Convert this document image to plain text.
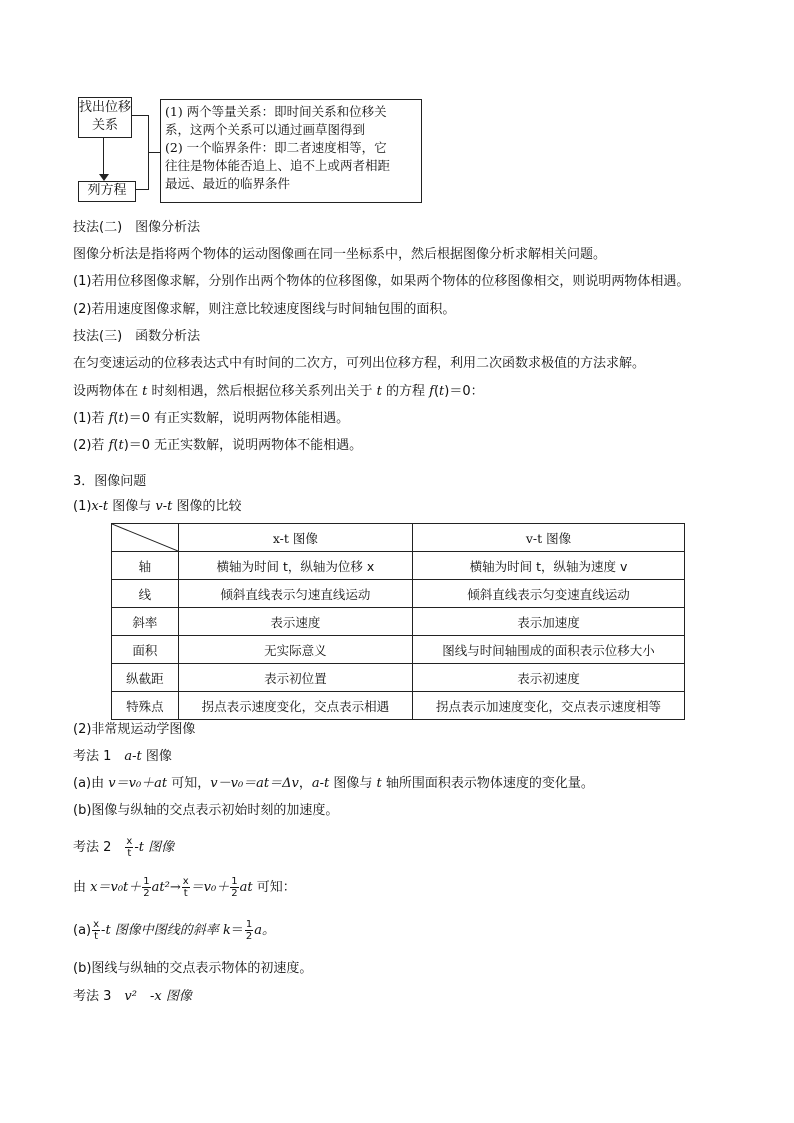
找出位移关系
列方程
(1) 两个等量关系：即时间关系和位移关
系，这两个关系可以通过画草图得到
(2) 一个临界条件：即二者速度相等，它
往往是物体能否追上、追不上或两者相距
最远、最近的临界条件
技法(二)　图像分析法
图像分析法是指将两个物体的运动图像画在同一坐标系中，然后根据图像分析求解相关问题。
(1)若用位移图像求解，分别作出两个物体的位移图像，如果两个物体的位移图像相交，则说明两物体相遇。
(2)若用速度图像求解，则注意比较速度图线与时间轴包围的面积。
技法(三)　函数分析法
在匀变速运动的位移表达式中有时间的二次方，可列出位移方程，利用二次函数求极值的方法求解。
设两物体在 t 时刻相遇，然后根据位移关系列出关于 t 的方程 f(t)＝0：
(1)若 f(t)＝0 有正实数解，说明两物体能相遇。
(2)若 f(t)＝0 无正实数解，说明两物体不能相遇。
3．图像问题
(1)x-t 图像与 v-t 图像的比较
	x-t 图像	v-t 图像
轴	横轴为时间 t，纵轴为位移 x	横轴为时间 t，纵轴为速度 v
线	倾斜直线表示匀速直线运动	倾斜直线表示匀变速直线运动
斜率	表示速度	表示加速度
面积	无实际意义	图线与时间轴围成的面积表示位移大小
纵截距	表示初位置	表示初速度
特殊点	拐点表示速度变化，交点表示相遇	拐点表示加速度变化，交点表示速度相等
(2)非常规运动学图像
考法 1　a-t 图像
(a)由 v＝v₀＋at 可知，v－v₀＝at＝Δv，a-t 图像与 t 轴所围面积表示物体速度的变化量。
(b)图像与纵轴的交点表示初始时刻的加速度。
考法 2　 $\frac{x}{t} -t$ 图像
由 $x=v_0t+ \frac{1}{2} at^2\to \frac{x}{t} =v_0+ \frac{1}{2}$ at 可知：
$(a) \frac{x}{t} -t$ 图像中图线的斜率 $k= \frac{1}{2}$ a。
(b)图线与纵轴的交点表示物体的初速度。
考法 3　v²　-x 图像
